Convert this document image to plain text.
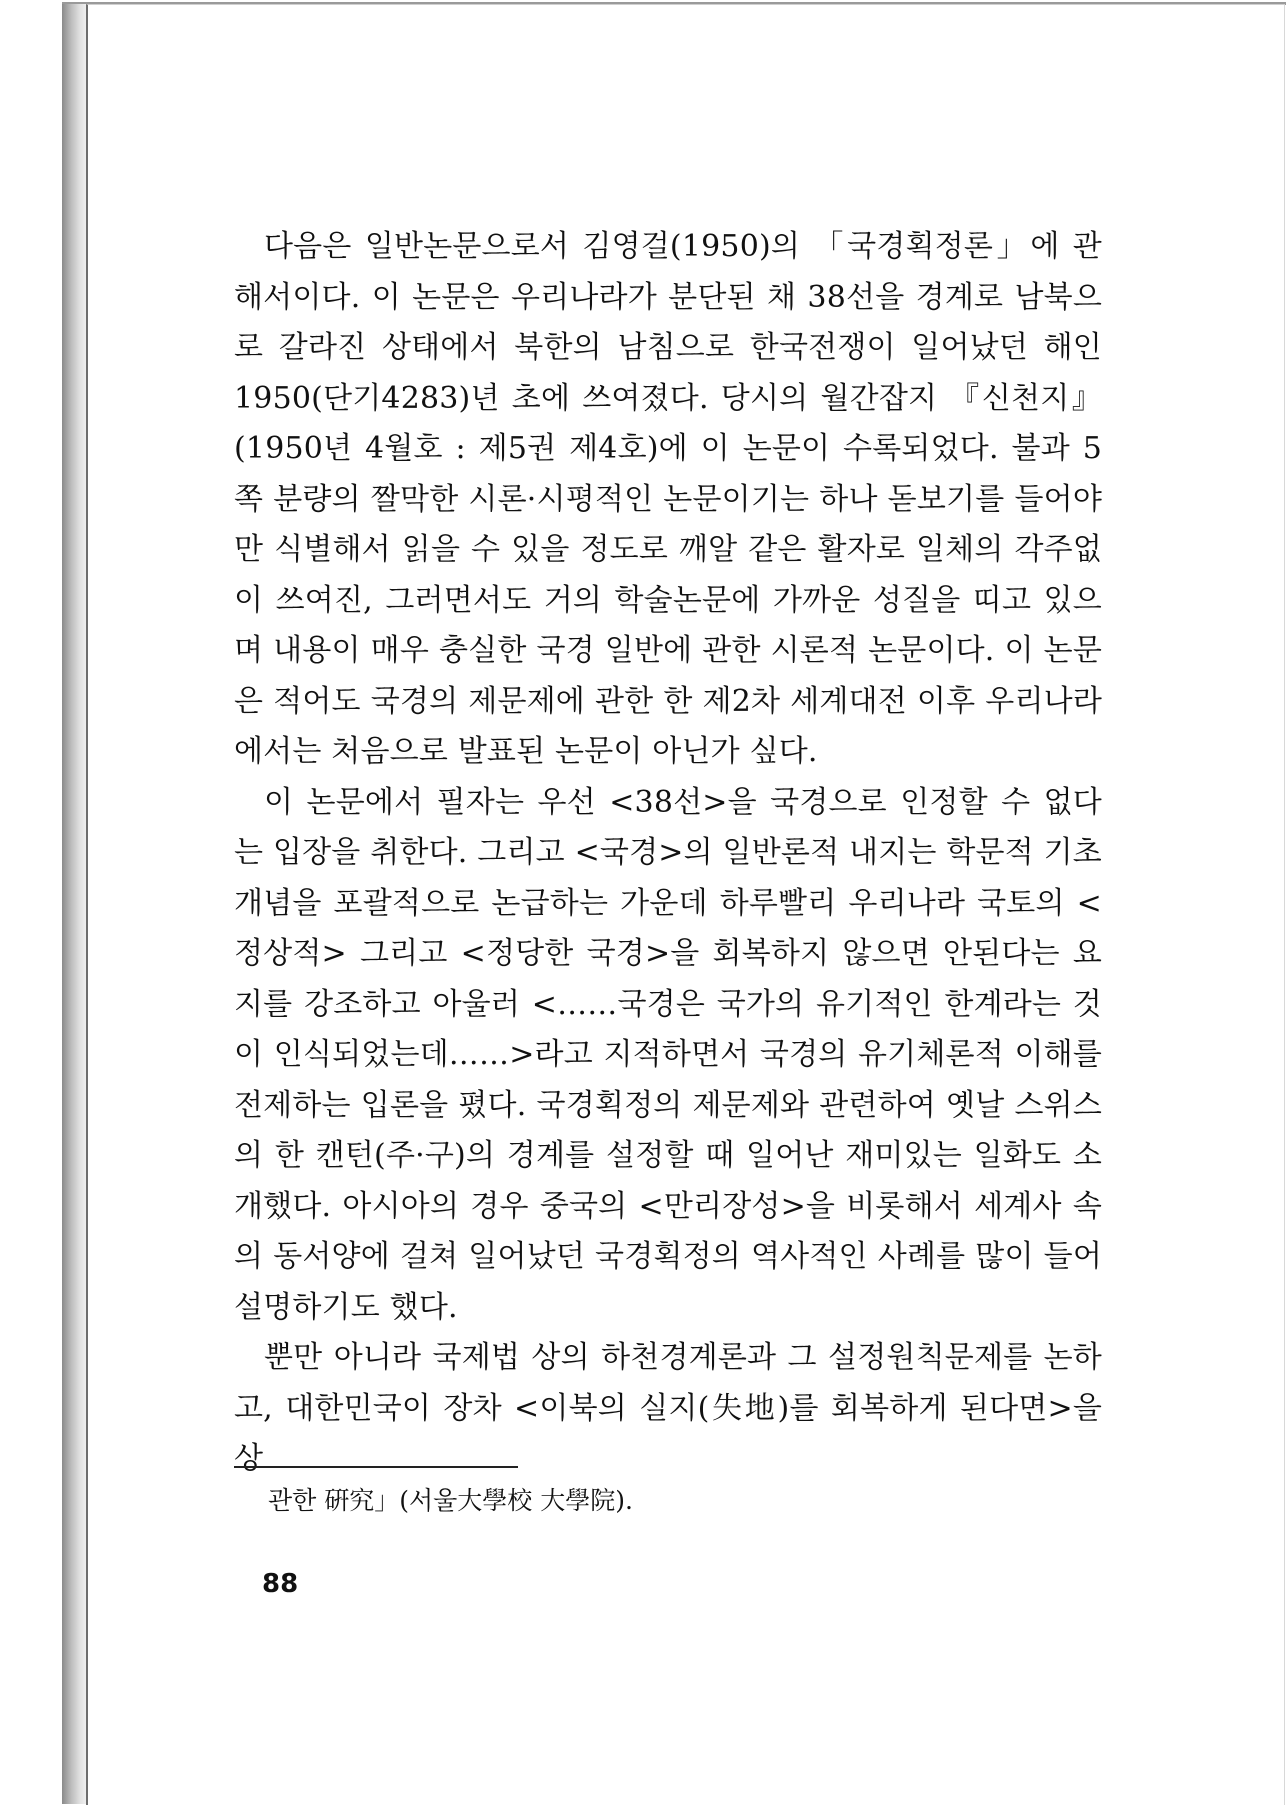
다음은 일반논문으로서 김영걸(1950)의 「국경획정론」에 관해서이다. 이 논문은 우리나라가 분단된 채 38선을 경계로 남북으로 갈라진 상태에서 북한의 남침으로 한국전쟁이 일어났던 해인 1950(단기4283)년 초에 쓰여졌다. 당시의 월간잡지 『신천지』(1950년 4월호 : 제5권 제4호)에 이 논문이 수록되었다. 불과 5쪽 분량의 짤막한 시론·시평적인 논문이기는 하나 돋보기를 들어야만 식별해서 읽을 수 있을 정도로 깨알 같은 활자로 일체의 각주없이 쓰여진, 그러면서도 거의 학술논문에 가까운 성질을 띠고 있으며 내용이 매우 충실한 국경 일반에 관한 시론적 논문이다. 이 논문은 적어도 국경의 제문제에 관한 한 제2차 세계대전 이후 우리나라에서는 처음으로 발표된 논문이 아닌가 싶다.

이 논문에서 필자는 우선 <38선>을 국경으로 인정할 수 없다는 입장을 취한다. 그리고 <국경>의 일반론적 내지는 학문적 기초개념을 포괄적으로 논급하는 가운데 하루빨리 우리나라 국토의 <정상적> 그리고 <정당한 국경>을 회복하지 않으면 안된다는 요지를 강조하고 아울러 <……국경은 국가의 유기적인 한계라는 것이 인식되었는데……>라고 지적하면서 국경의 유기체론적 이해를 전제하는 입론을 폈다. 국경획정의 제문제와 관련하여 옛날 스위스의 한 캔턴(주·구)의 경계를 설정할 때 일어난 재미있는 일화도 소개했다. 아시아의 경우 중국의 <만리장성>을 비롯해서 세계사 속의 동서양에 걸쳐 일어났던 국경획정의 역사적인 사례를 많이 들어 설명하기도 했다.

뿐만 아니라 국제법 상의 하천경계론과 그 설정원칙문제를 논하고, 대한민국이 장차 <이북의 실지(失地)를 회복하게 된다면>을 상

관한 硏究」(서울大學校 大學院).
88
